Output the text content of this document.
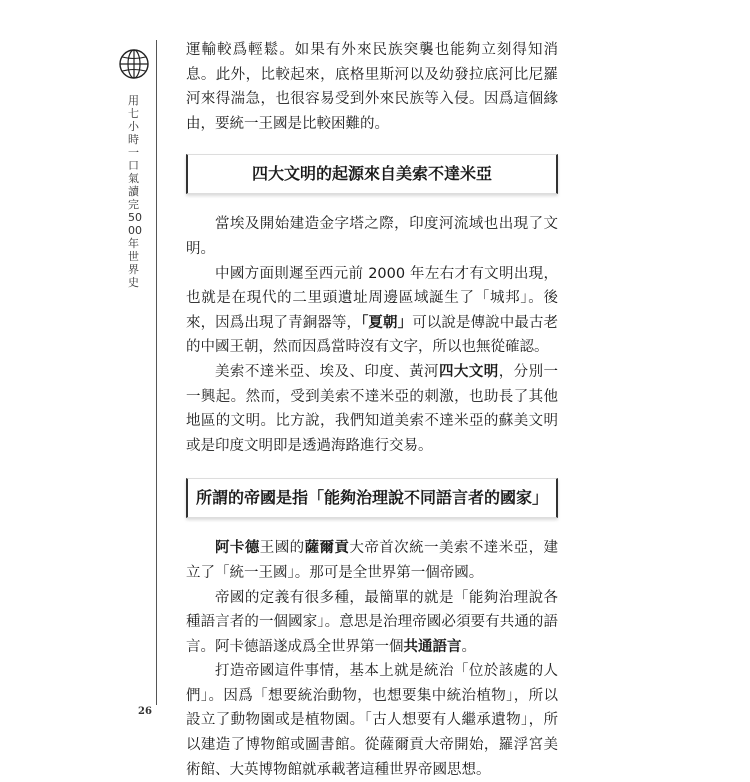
用七小時一口氣讀完5000年世界史

運輸較爲輕鬆。如果有外來民族突襲也能夠立刻得知消息。此外，比較起來，底格里斯河以及幼發拉底河比尼羅河來得湍急，也很容易受到外來民族等入侵。因爲這個緣由，要統一王國是比較困難的。

四大文明的起源來自美索不達米亞

當埃及開始建造金字塔之際，印度河流域也出現了文明。

中國方面則遲至西元前 2000 年左右才有文明出現，也就是在現代的二里頭遺址周邊區域誕生了「城邦」。後來，因爲出現了青銅器等，「夏朝」可以說是傳說中最古老的中國王朝，然而因爲當時沒有文字，所以也無從確認。

美索不達米亞、埃及、印度、黃河四大文明，分別一一興起。然而，受到美索不達米亞的刺激，也助長了其他地區的文明。比方說，我們知道美索不達米亞的蘇美文明或是印度文明即是透過海路進行交易。

所謂的帝國是指「能夠治理說不同語言者的國家」

阿卡德王國的薩爾貢大帝首次統一美索不達米亞，建立了「統一王國」。那可是全世界第一個帝國。

帝國的定義有很多種，最簡單的就是「能夠治理說各種語言者的一個國家」。意思是治理帝國必須要有共通的語言。阿卡德語遂成爲全世界第一個共通語言。

打造帝國這件事情，基本上就是統治「位於該處的人們」。因爲「想要統治動物，也想要集中統治植物」，所以設立了動物園或是植物園。「古人想要有人繼承遺物」，所以建造了博物館或圖書館。從薩爾貢大帝開始，羅浮宮美術館、大英博物館就承載著這種世界帝國思想。

26
